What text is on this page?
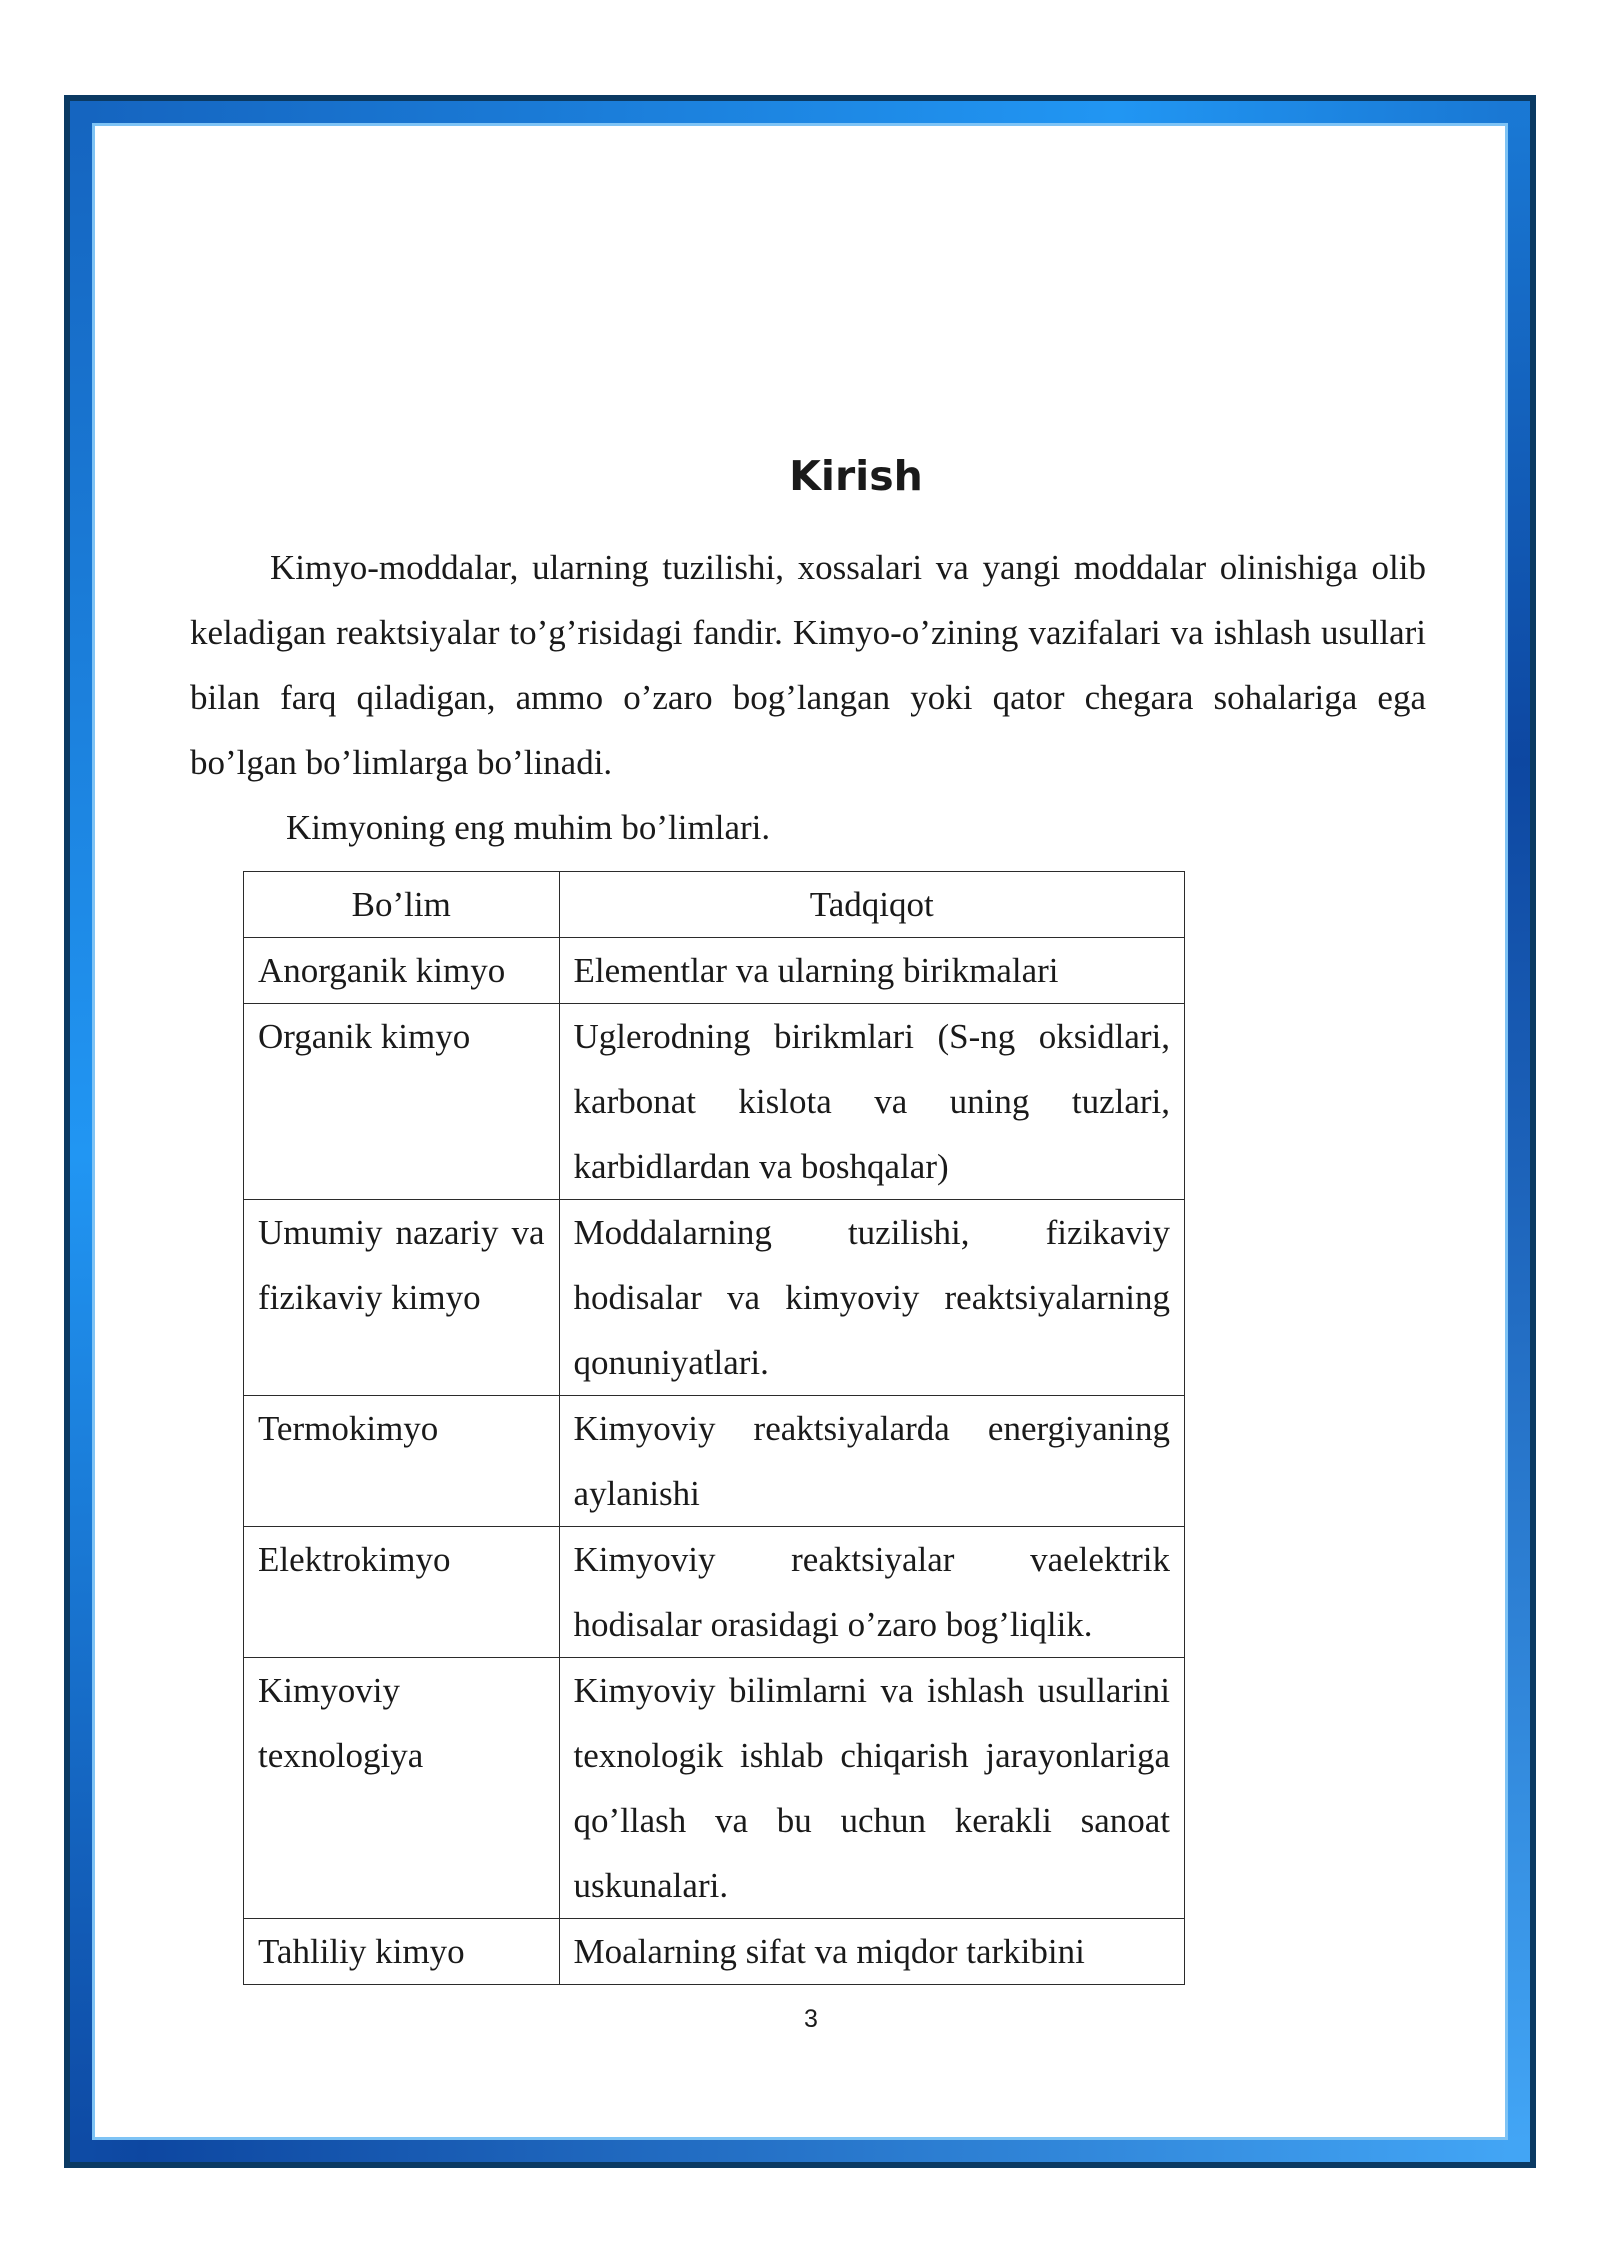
Kirish

Kimyo-moddalar, ularning tuzilishi, xossalari va yangi moddalar olinishiga olib keladigan reaktsiyalar to’g’risidagi fandir. Kimyo-o’zining vazifalari va ishlash usullari bilan farq qiladigan, ammo o’zaro bog’langan yoki qator chegara sohalariga ega bo’lgan bo’limlarga bo’linadi.

Kimyoning eng muhim bo’limlari.

Bo’lim	Tadqiqot
Anorganik kimyo	Elementlar va ularning birikmalari
Organik kimyo	Uglerodning birikmlari (S-ng oksidlari, karbonat kislota va uning tuzlari, karbidlardan va boshqalar)
Umumiy nazariy va fizikaviy kimyo	Moddalarning tuzilishi, fizikaviy hodisalar va kimyoviy reaktsiyalarning qonuniyatlari.
Termokimyo	Kimyoviy reaktsiyalarda energiyaning aylanishi
Elektrokimyo	Kimyoviy reaktsiyalar vaelektrik hodisalar orasidagi o’zaro bog’liqlik.
Kimyoviy texnologiya	Kimyoviy bilimlarni va ishlash usullarini texnologik ishlab chiqarish jarayonlariga qo’llash va bu uchun kerakli sanoat uskunalari.
Tahliliy kimyo	Moalarning sifat va miqdor tarkibini
3
